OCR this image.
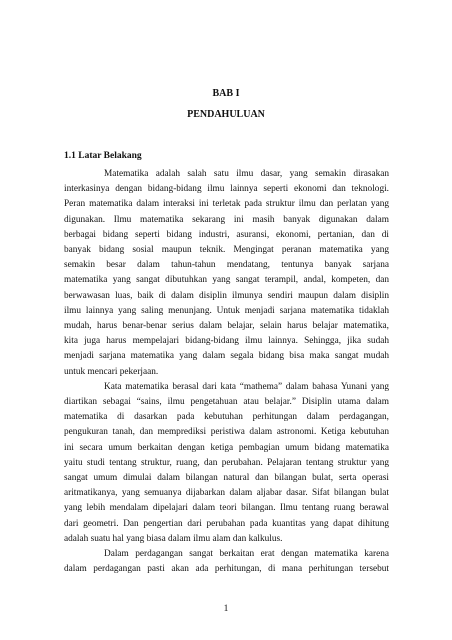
BAB I
PENDAHULUAN
1.1 Latar Belakang
Matematika adalah salah satu ilmu dasar, yang semakin dirasakan
interkasinya dengan bidang-bidang ilmu lainnya seperti ekonomi dan teknologi.
Peran matematika dalam interaksi ini terletak pada struktur ilmu dan perlatan yang
digunakan. Ilmu matematika sekarang ini masih banyak digunakan dalam
berbagai bidang seperti bidang industri, asuransi, ekonomi, pertanian, dan di
banyak bidang sosial maupun teknik. Mengingat peranan matematika yang
semakin besar dalam tahun-tahun mendatang, tentunya banyak sarjana
matematika yang sangat dibutuhkan yang sangat terampil, andal, kompeten, dan
berwawasan luas, baik di dalam disiplin ilmunya sendiri maupun dalam disiplin
ilmu lainnya yang saling menunjang. Untuk menjadi sarjana matematika tidaklah
mudah, harus benar-benar serius dalam belajar, selain harus belajar matematika,
kita juga harus mempelajari bidang-bidang ilmu lainnya. Sehingga, jika sudah
menjadi sarjana matematika yang dalam segala bidang bisa maka sangat mudah
untuk mencari pekerjaan.
Kata matematika berasal dari kata “mathema” dalam bahasa Yunani yang
diartikan sebagai “sains, ilmu pengetahuan atau belajar.” Disiplin utama dalam
matematika di dasarkan pada kebutuhan perhitungan dalam perdagangan,
pengukuran tanah, dan memprediksi peristiwa dalam astronomi. Ketiga kebutuhan
ini secara umum berkaitan dengan ketiga pembagian umum bidang matematika
yaitu studi tentang struktur, ruang, dan perubahan. Pelajaran tentang struktur yang
sangat umum dimulai dalam bilangan natural dan bilangan bulat, serta operasi
aritmatikanya, yang semuanya dijabarkan dalam aljabar dasar. Sifat bilangan bulat
yang lebih mendalam dipelajari dalam teori bilangan. Ilmu tentang ruang berawal
dari geometri. Dan pengertian dari perubahan pada kuantitas yang dapat dihitung
adalah suatu hal yang biasa dalam ilmu alam dan kalkulus.
Dalam perdagangan sangat berkaitan erat dengan matematika karena
dalam perdagangan pasti akan ada perhitungan, di mana perhitungan tersebut
1
